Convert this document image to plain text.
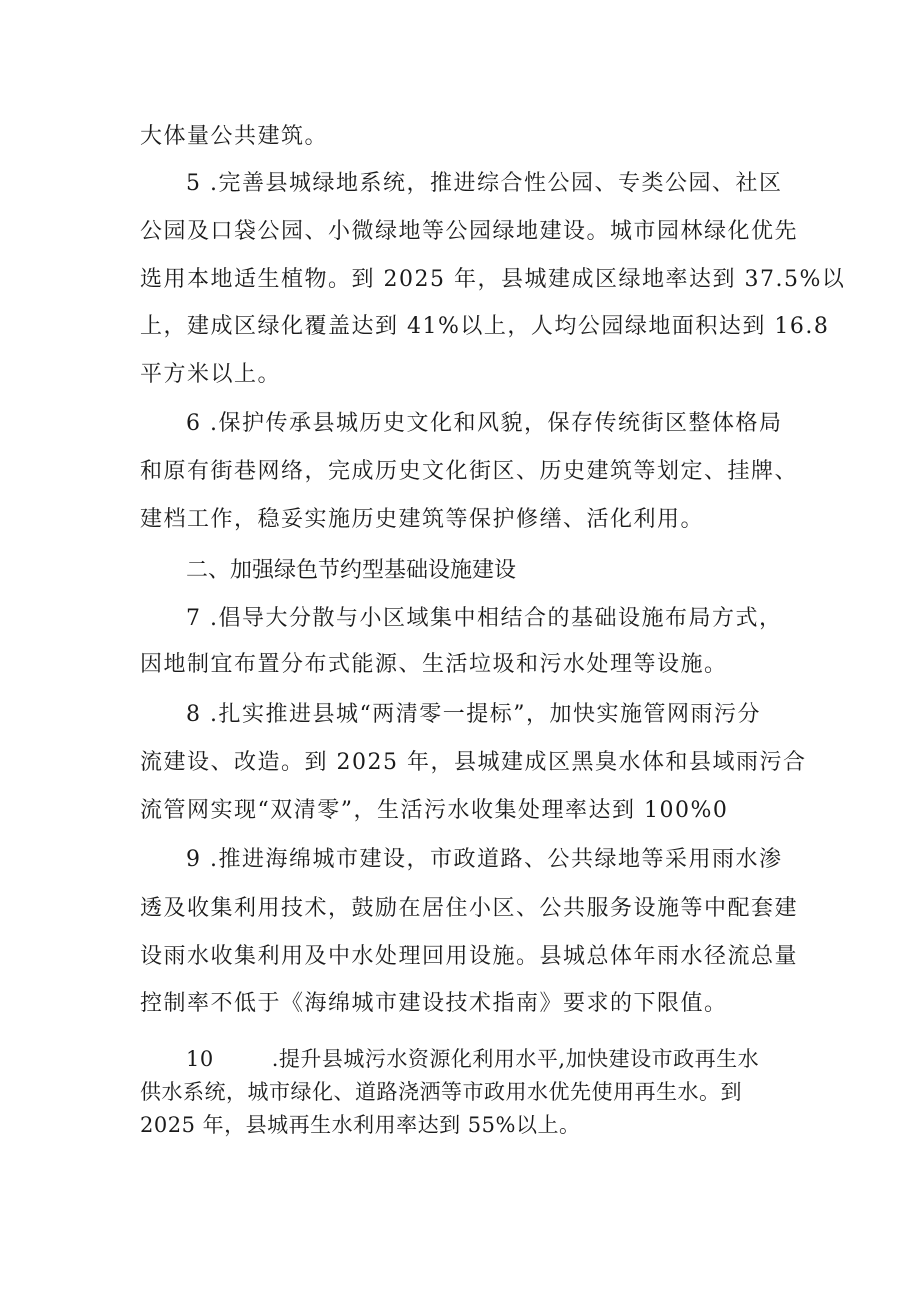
大体量公共建筑。

5 .完善县城绿地系统，推进综合性公园、专类公园、社区

公园及口袋公园、小微绿地等公园绿地建设。城市园林绿化优先

选用本地适生植物。到 2025 年，县城建成区绿地率达到 37.5%以

上，建成区绿化覆盖达到 41%以上，人均公园绿地面积达到 16.8

平方米以上。

6 .保护传承县城历史文化和风貌，保存传统街区整体格局

和原有街巷网络，完成历史文化街区、历史建筑等划定、挂牌、

建档工作，稳妥实施历史建筑等保护修缮、活化利用。

二、加强绿色节约型基础设施建设

7 .倡导大分散与小区域集中相结合的基础设施布局方式，

因地制宜布置分布式能源、生活垃圾和污水处理等设施。

8 .扎实推进县城“两清零一提标”，加快实施管网雨污分

流建设、改造。到 2025 年，县城建成区黑臭水体和县域雨污合

流管网实现“双清零”，生活污水收集处理率达到 100%0

9 .推进海绵城市建设，市政道路、公共绿地等采用雨水渗

透及收集利用技术，鼓励在居住小区、公共服务设施等中配套建

设雨水收集利用及中水处理回用设施。县城总体年雨水径流总量

控制率不低于《海绵城市建设技术指南》要求的下限值。

10	.提升县城污水资源化利用水平,加快建设市政再生水

供水系统，城市绿化、道路浇洒等市政用水优先使用再生水。到

2025 年，县城再生水利用率达到 55%以上。
